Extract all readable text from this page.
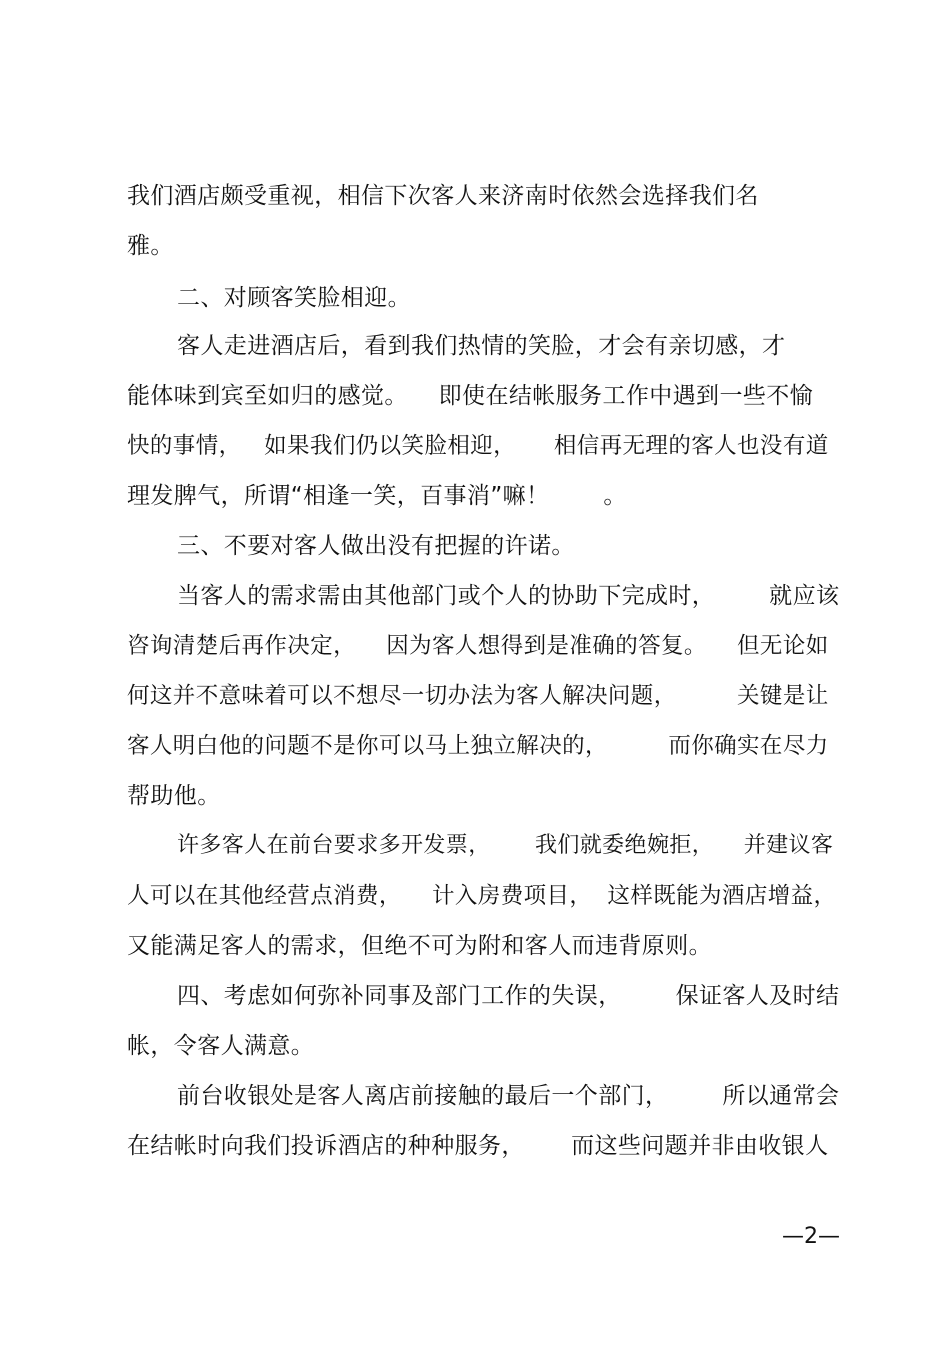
我们酒店颇受重视，相信下次客人来济南时依然会选择我们名
雅。
二、对顾客笑脸相迎。
客人走进酒店后，看到我们热情的笑脸，才会有亲切感，才
能体味到宾至如归的感觉。    即使在结帐服务工作中遇到一些不愉
快的事情，   如果我们仍以笑脸相迎，     相信再无理的客人也没有道
理发脾气，所谓“相逢一笑，百事消”嘛！       。
三、不要对客人做出没有把握的许诺。
当客人的需求需由其他部门或个人的协助下完成时，       就应该
咨询清楚后再作决定，    因为客人想得到是准确的答复。    但无论如
何这并不意味着可以不想尽一切办法为客人解决问题，        关键是让
客人明白他的问题不是你可以马上独立解决的，        而你确实在尽力
帮助他。
许多客人在前台要求多开发票，      我们就委绝婉拒，    并建议客
人可以在其他经营点消费，    计入房费项目，  这样既能为酒店增益，
又能满足客人的需求，但绝不可为附和客人而违背原则。
四、考虑如何弥补同事及部门工作的失误，       保证客人及时结
帐，令客人满意。
前台收银处是客人离店前接触的最后一个部门，       所以通常会
在结帐时向我们投诉酒店的种种服务，      而这些问题并非由收银人
—2—
